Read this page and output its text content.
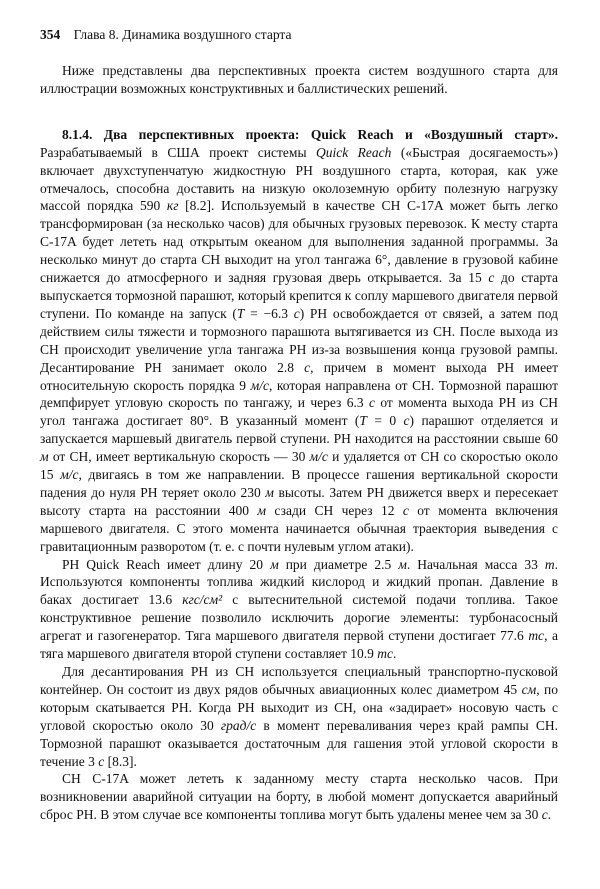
354 Глава 8. Динамика воздушного старта

Ниже представлены два перспективных проекта систем воздушного старта для иллюстрации возможных конструктивных и баллистических решений.

8.1.4. Два перспективных проекта: Quick Reach и «Воздушный старт». Разрабатываемый в США проект системы Quick Reach («Быстрая досягаемость») включает двухступенчатую жидкостную РН воздушного старта, которая, как уже отмечалось, способна доставить на низкую околоземную орбиту полезную нагрузку массой порядка 590 кг [8.2]. Используемый в качестве СН C-17A может быть легко трансформирован (за несколько часов) для обычных грузовых перевозок. К месту старта C-17A будет лететь над открытым океаном для выполнения заданной программы. За несколько минут до старта СН выходит на угол тангажа 6°, давление в грузовой кабине снижается до атмосферного и задняя грузовая дверь открывается. За 15 с до старта выпускается тормозной парашют, который крепится к соплу маршевого двигателя первой ступени. По команде на запуск (T = −6.3 с) РН освобождается от связей, а затем под действием силы тяжести и тормозного парашюта вытягивается из СН. После выхода из СН происходит увеличение угла тангажа РН из-за возвышения конца грузовой рампы. Десантирование РН занимает около 2.8 с, причем в момент выхода РН имеет относительную скорость порядка 9 м/с, которая направлена от СН. Тормозной парашют демпфирует угловую скорость по тангажу, и через 6.3 с от момента выхода РН из СН угол тангажа достигает 80°. В указанный момент (T = 0 с) парашют отделяется и запускается маршевый двигатель первой ступени. РН находится на расстоянии свыше 60 м от СН, имеет вертикальную скорость — 30 м/с и удаляется от СН со скоростью около 15 м/с, двигаясь в том же направлении. В процессе гашения вертикальной скорости падения до нуля РН теряет около 230 м высоты. Затем РН движется вверх и пересекает высоту старта на расстоянии 400 м сзади СН через 12 с от момента включения маршевого двигателя. С этого момента начинается обычная траектория выведения с гравитационным разворотом (т. е. с почти нулевым углом атаки).

РН Quick Reach имеет длину 20 м при диаметре 2.5 м. Начальная масса 33 т. Используются компоненты топлива жидкий кислород и жидкий пропан. Давление в баках достигает 13.6 кгс/см² с вытеснительной системой подачи топлива. Такое конструктивное решение позволило исключить дорогие элементы: турбонасосный агрегат и газогенератор. Тяга маршевого двигателя первой ступени достигает 77.6 тс, а тяга маршевого двигателя второй ступени составляет 10.9 тс.

Для десантирования РН из СН используется специальный транспортно-пусковой контейнер. Он состоит из двух рядов обычных авиационных колес диаметром 45 см, по которым скатывается РН. Когда РН выходит из СН, она «задирает» носовую часть с угловой скоростью около 30 град/с в момент переваливания через край рампы СН. Тормозной парашют оказывается достаточным для гашения этой угловой скорости в течение 3 с [8.3].

СН C-17A может лететь к заданному месту старта несколько часов. При возникновении аварийной ситуации на борту, в любой момент допускается аварийный сброс РН. В этом случае все компоненты топлива могут быть удалены менее чем за 30 с.
